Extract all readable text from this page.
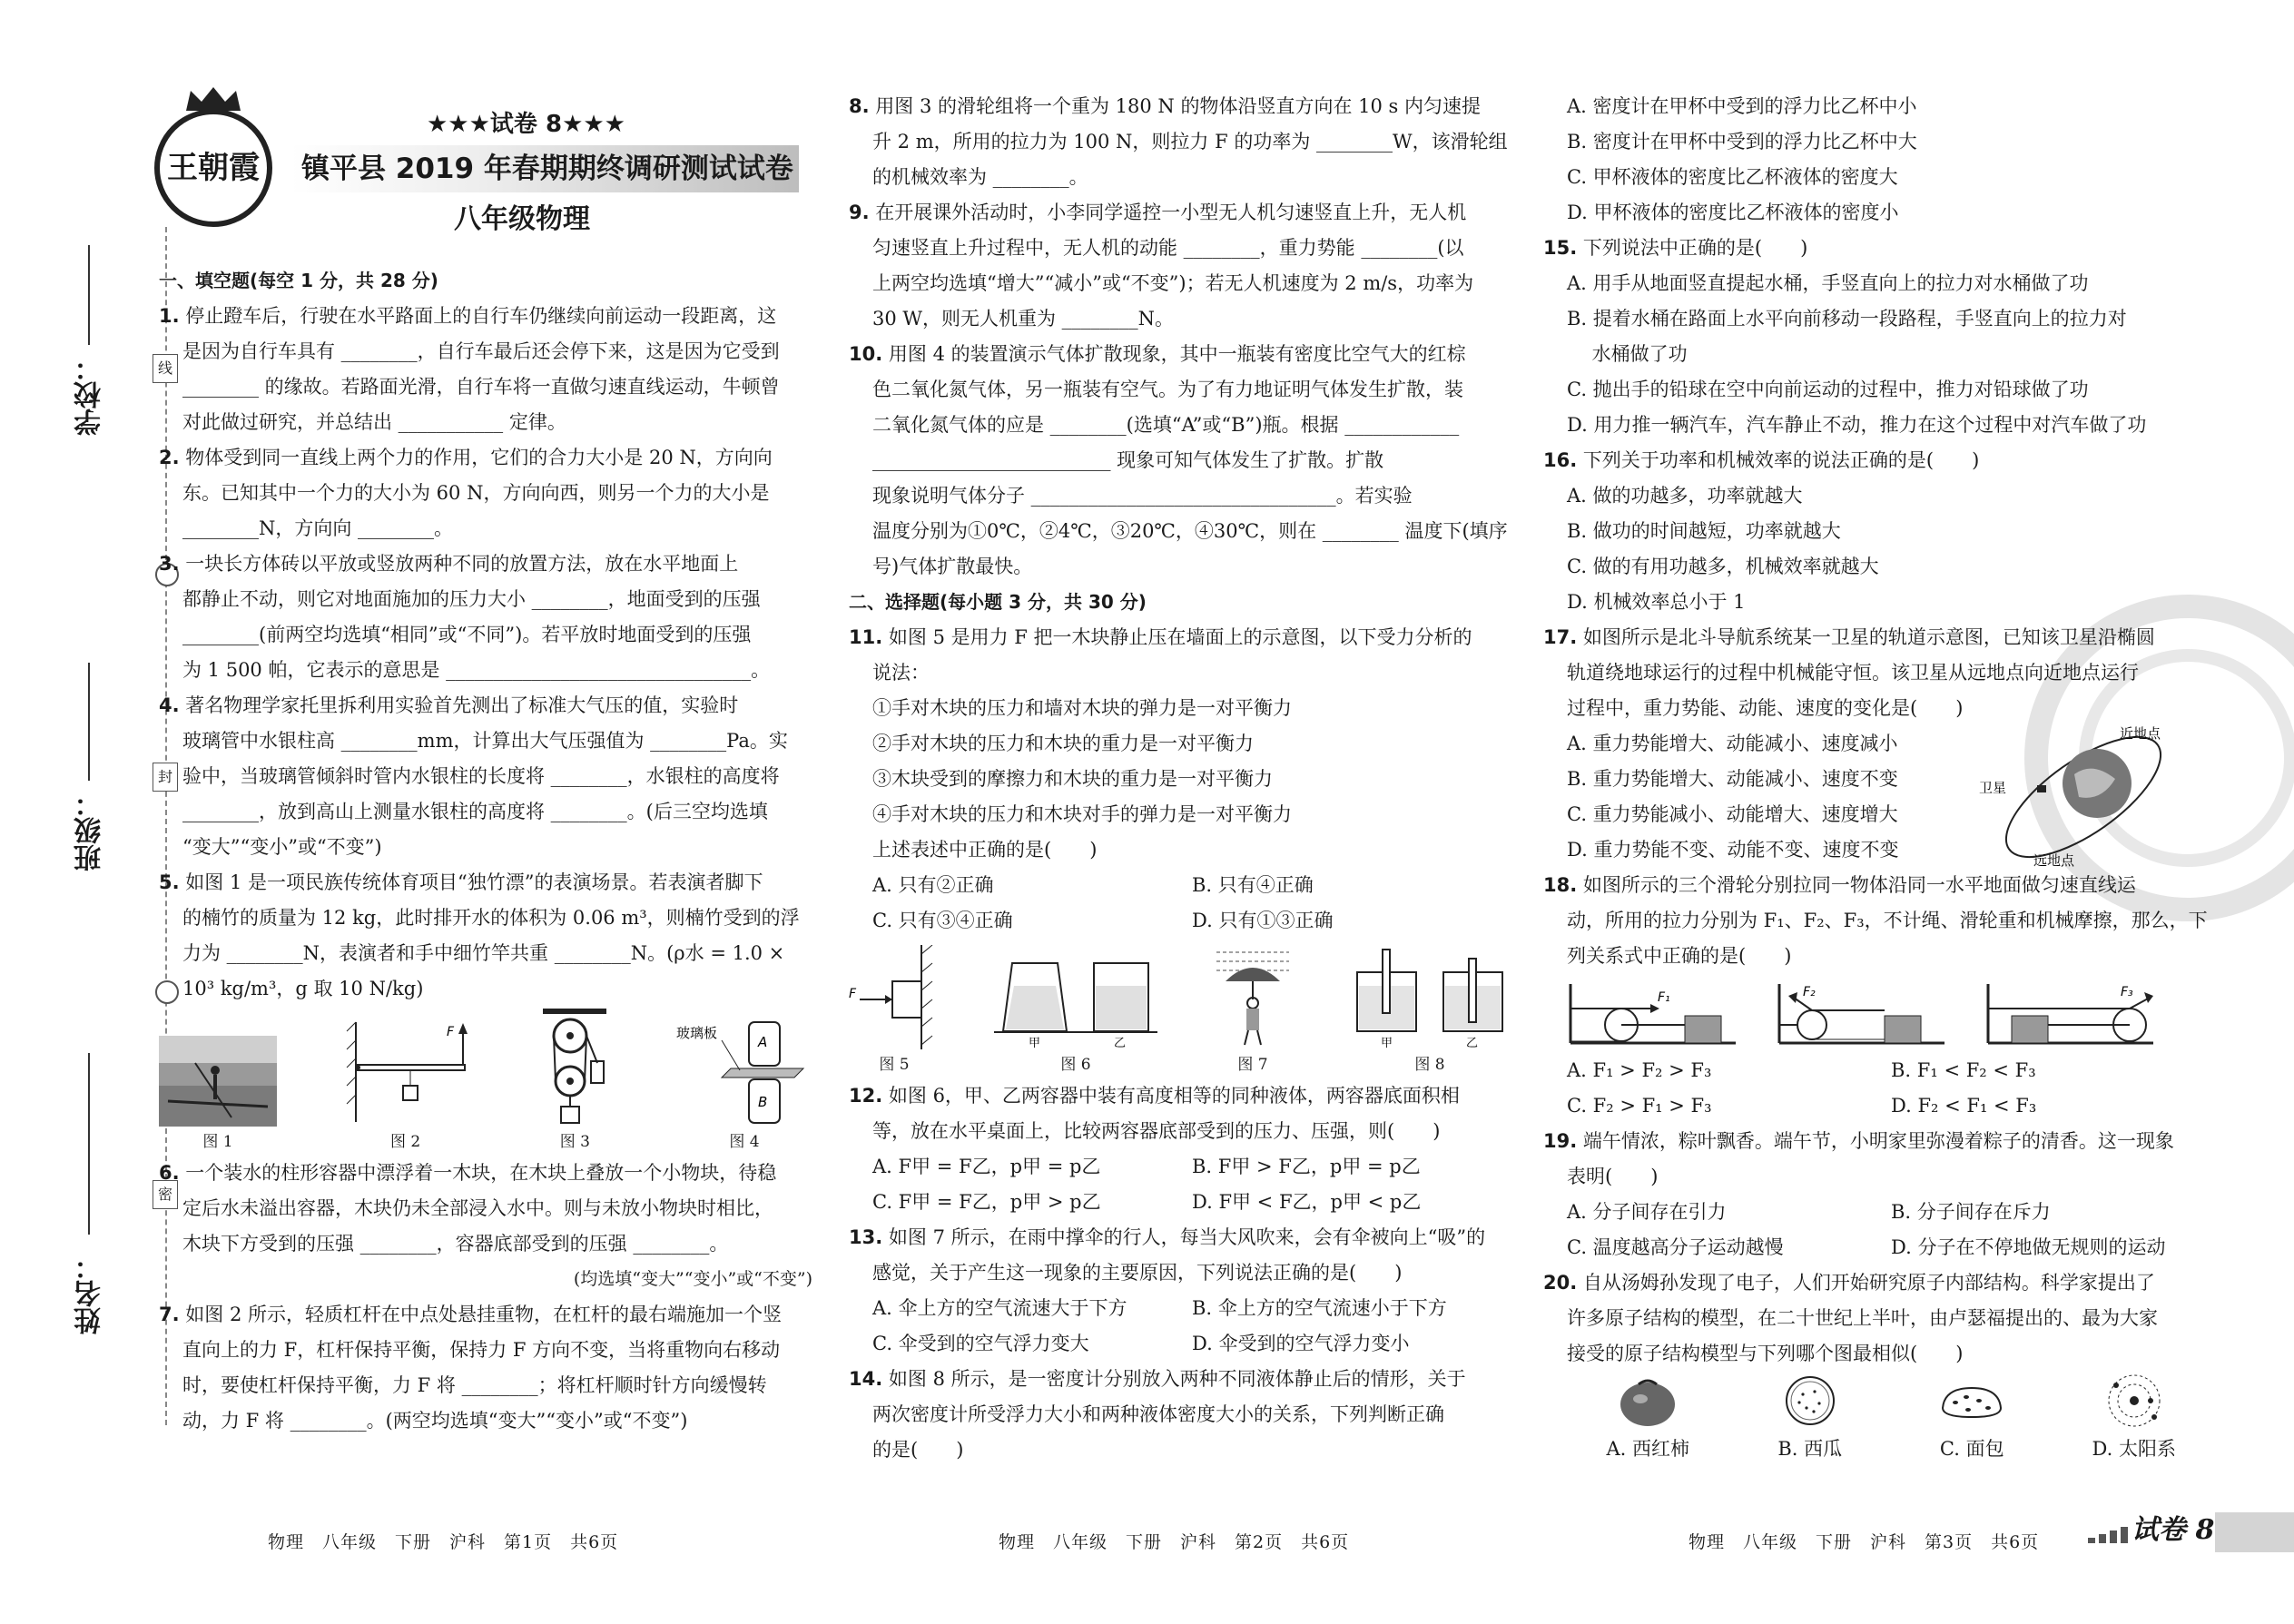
学校：
班级：
姓名：
线
封
密
王朝霞
★★★试卷 8★★★
镇平县 2019 年春期期终调研测试试卷
八年级物理
一、填空题(每空 1 分，共 28 分)

1. 停止蹬车后，行驶在水平路面上的自行车仍继续向前运动一段距离，这

是因为自行车具有 ________，自行车最后还会停下来，这是因为它受到

________ 的缘故。若路面光滑，自行车将一直做匀速直线运动，牛顿曾

对此做过研究，并总结出 ___________ 定律。

2. 物体受到同一直线上两个力的作用，它们的合力大小是 20 N，方向向

东。已知其中一个力的大小为 60 N，方向向西，则另一个力的大小是

________N，方向向 ________。

3. 一块长方体砖以平放或竖放两种不同的放置方法，放在水平地面上

都静止不动，则它对地面施加的压力大小 ________，地面受到的压强

________(前两空均选填“相同”或“不同”)。若平放时地面受到的压强

为 1 500 帕，它表示的意思是 ________________________________。

4. 著名物理学家托里拆利用实验首先测出了标准大气压的值，实验时

玻璃管中水银柱高 ________mm，计算出大气压强值为 ________Pa。实

验中，当玻璃管倾斜时管内水银柱的长度将 ________，水银柱的高度将

________，放到高山上测量水银柱的高度将 ________。(后三空均选填

“变大”“变小”或“不变”)

5. 如图 1 是一项民族传统体育项目“独竹漂”的表演场景。若表演者脚下

的楠竹的质量为 12 kg，此时排开水的体积为 0.06 m³，则楠竹受到的浮

力为 ________N，表演者和手中细竹竿共重 ________N。(ρ水 = 1.0 ×

10³ kg/m³，g 取 10 N/kg)

图 1
F
图 2	图 3
玻璃板
A
B
图 4

6. 一个装水的柱形容器中漂浮着一木块，在木块上叠放一个小物块，待稳

定后水未溢出容器，木块仍未全部浸入水中。则与未放小物块时相比，

木块下方受到的压强 ________，容器底部受到的压强 ________。

(均选填“变大”“变小”或“不变”)

7. 如图 2 所示，轻质杠杆在中点处悬挂重物，在杠杆的最右端施加一个竖

直向上的力 F，杠杆保持平衡，保持力 F 方向不变，当将重物向右移动

时，要使杠杆保持平衡，力 F 将 ________；将杠杆顺时针方向缓慢转

动，力 F 将 ________。(两空均选填“变大”“变小”或“不变”)

8. 用图 3 的滑轮组将一个重为 180 N 的物体沿竖直方向在 10 s 内匀速提

升 2 m，所用的拉力为 100 N，则拉力 F 的功率为 ________W，该滑轮组

的机械效率为 ________。

9. 在开展课外活动时，小李同学遥控一小型无人机匀速竖直上升，无人机

匀速竖直上升过程中，无人机的动能 ________，重力势能 ________(以

上两空均选填“增大”“减小”或“不变”)；若无人机速度为 2 m/s，功率为

30 W，则无人机重为 ________N。

10. 用图 4 的装置演示气体扩散现象，其中一瓶装有密度比空气大的红棕

色二氧化氮气体，另一瓶装有空气。为了有力地证明气体发生扩散，装

二氧化氮气体的应是 ________(选填“A”或“B”)瓶。根据 ____________

_________________________ 现象可知气体发生了扩散。扩散

现象说明气体分子 ________________________________。若实验

温度分别为①0℃，②4℃，③20℃，④30℃，则在 ________ 温度下(填序

号)气体扩散最快。

二、选择题(每小题 3 分，共 30 分)

11. 如图 5 是用力 F 把一木块静止压在墙面上的示意图，以下受力分析的

说法：

①手对木块的压力和墙对木块的弹力是一对平衡力

②手对木块的压力和木块的重力是一对平衡力

③木块受到的摩擦力和木块的重力是一对平衡力

④手对木块的压力和木块对手的弹力是一对平衡力

上述表述中正确的是(　　)

A. 只有②正确	B. 只有④正确
C. 只有③④正确	D. 只有①③正确
F
图 5
甲	乙
图 6	图 7
甲	乙
图 8

12. 如图 6，甲、乙两容器中装有高度相等的同种液体，两容器底面积相

等，放在水平桌面上，比较两容器底部受到的压力、压强，则(　　)

A. F甲 = F乙，p甲 = p乙	B. F甲 > F乙，p甲 = p乙
C. F甲 = F乙，p甲 > p乙	D. F甲 < F乙，p甲 < p乙

13. 如图 7 所示，在雨中撑伞的行人，每当大风吹来，会有伞被向上“吸”的

感觉，关于产生这一现象的主要原因，下列说法正确的是(　　)

A. 伞上方的空气流速大于下方	B. 伞上方的空气流速小于下方
C. 伞受到的空气浮力变大	D. 伞受到的空气浮力变小

14. 如图 8 所示，是一密度计分别放入两种不同液体静止后的情形，关于

两次密度计所受浮力大小和两种液体密度大小的关系，下列判断正确

的是(　　)

A. 密度计在甲杯中受到的浮力比乙杯中小

B. 密度计在甲杯中受到的浮力比乙杯中大

C. 甲杯液体的密度比乙杯液体的密度大

D. 甲杯液体的密度比乙杯液体的密度小

15. 下列说法中正确的是(　　)

A. 用手从地面竖直提起水桶，手竖直向上的拉力对水桶做了功

B. 提着水桶在路面上水平向前移动一段路程，手竖直向上的拉力对

　 水桶做了功

C. 抛出手的铅球在空中向前运动的过程中，推力对铅球做了功

D. 用力推一辆汽车，汽车静止不动，推力在这个过程中对汽车做了功

16. 下列关于功率和机械效率的说法正确的是(　　)

A. 做的功越多，功率就越大

B. 做功的时间越短，功率就越大

C. 做的有用功越多，机械效率就越大

D. 机械效率总小于 1

17. 如图所示是北斗导航系统某一卫星的轨道示意图，已知该卫星沿椭圆

轨道绕地球运行的过程中机械能守恒。该卫星从远地点向近地点运行

过程中，重力势能、动能、速度的变化是(　　)

A. 重力势能增大、动能减小、速度减小

B. 重力势能增大、动能减小、速度不变

C. 重力势能减小、动能增大、速度增大

D. 重力势能不变、动能不变、速度不变

近地点
卫星
远地点

18. 如图所示的三个滑轮分别拉同一物体沿同一水平地面做匀速直线运

动，所用的拉力分别为 F₁、F₂、F₃，不计绳、滑轮重和机械摩擦，那么，下

列关系式中正确的是(　　)

F₁	F₂	F₃
A. F₁ > F₂ > F₃	B. F₁ < F₂ < F₃
C. F₂ > F₁ > F₃	D. F₂ < F₁ < F₃

19. 端午情浓，粽叶飘香。端午节，小明家里弥漫着粽子的清香。这一现象

表明(　　)

A. 分子间存在引力	B. 分子间存在斥力
C. 温度越高分子运动越慢	D. 分子在不停地做无规则的运动

20. 自从汤姆孙发现了电子，人们开始研究原子内部结构。科学家提出了

许多原子结构的模型，在二十世纪上半叶，由卢瑟福提出的、最为大家

接受的原子结构模型与下列哪个图最相似(　　)

A. 西红柿	B. 西瓜	C. 面包	D. 太阳系
物理　八年级　下册　沪科　第1页　共6页	物理　八年级　下册　沪科　第2页　共6页	物理　八年级　下册　沪科　第3页　共6页	试卷 8
